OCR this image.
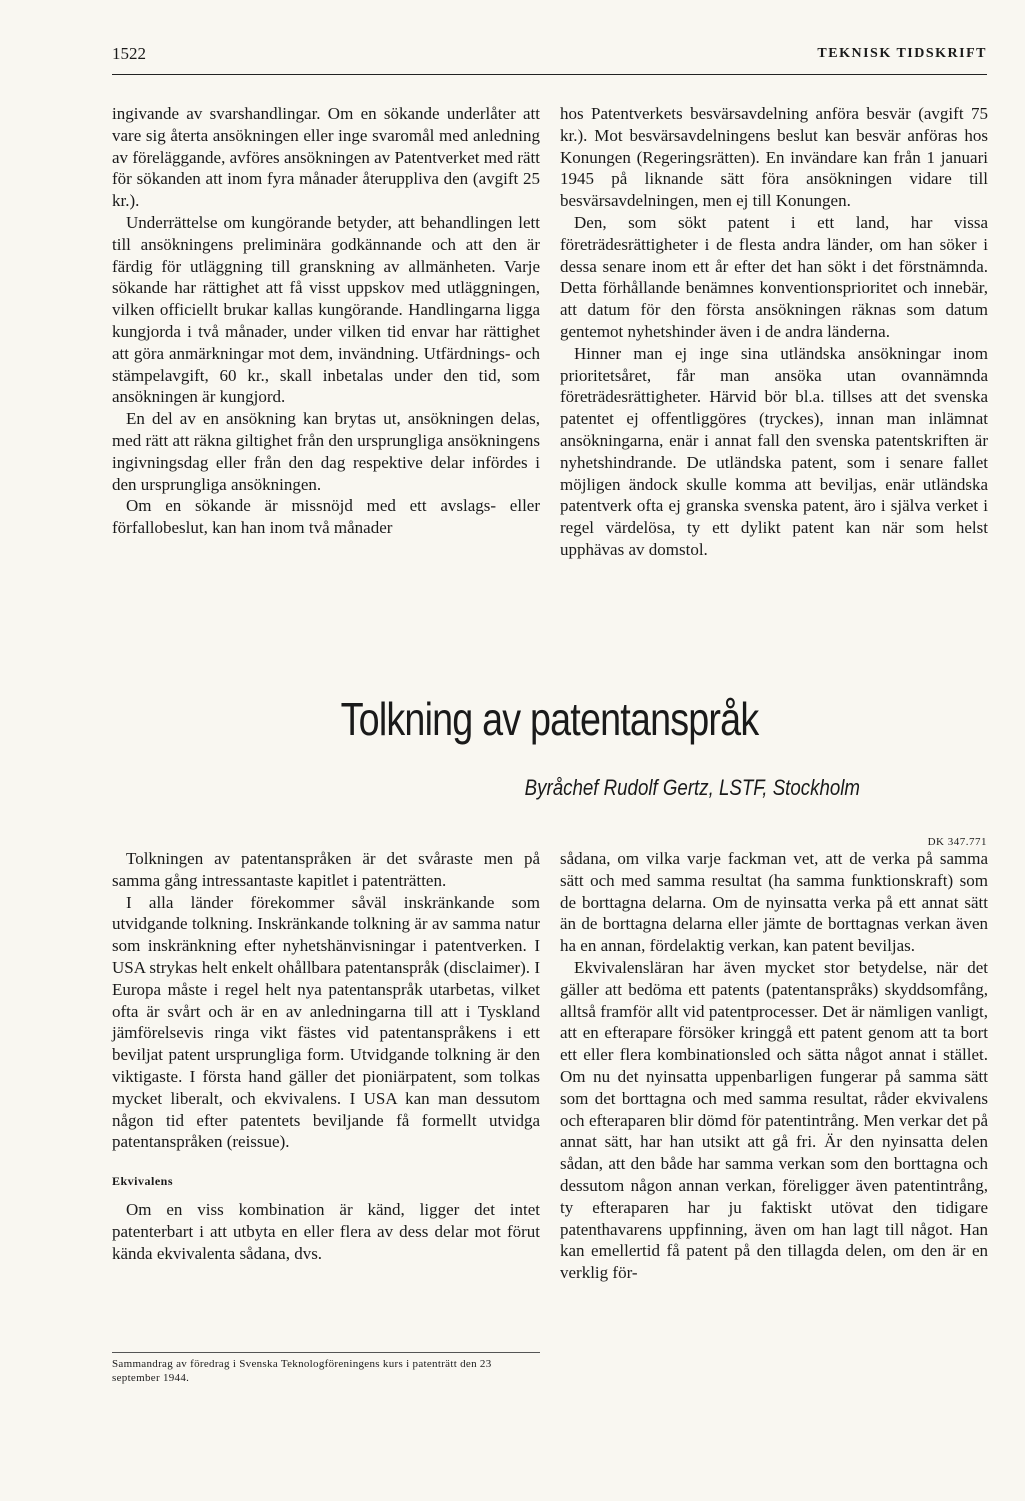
1522	TEKNISK TIDSKRIFT

ingivande av svarshandlingar. Om en sökande underlåter att vare sig återta ansökningen eller inge svaromål med anledning av föreläggande, avföres ansökningen av Patentverket med rätt för sökanden att inom fyra månader återuppliva den (avgift 25 kr.).

Underrättelse om kungörande betyder, att behandlingen lett till ansökningens preliminära godkännande och att den är färdig för utläggning till granskning av allmänheten. Varje sökande har rättighet att få visst uppskov med utläggningen, vilken officiellt brukar kallas kungörande. Handlingarna ligga kungjorda i två månader, under vilken tid envar har rättighet att göra anmärkningar mot dem, invändning. Utfärdnings- och stämpelavgift, 60 kr., skall inbetalas under den tid, som ansökningen är kungjord.

En del av en ansökning kan brytas ut, ansökningen delas, med rätt att räkna giltighet från den ursprungliga ansökningens ingivningsdag eller från den dag respektive delar infördes i den ursprungliga ansökningen.

Om en sökande är missnöjd med ett avslags- eller förfallobeslut, kan han inom två månader

hos Patentverkets besvärsavdelning anföra besvär (avgift 75 kr.). Mot besvärsavdelningens beslut kan besvär anföras hos Konungen (Regeringsrätten). En invändare kan från 1 januari 1945 på liknande sätt föra ansökningen vidare till besvärsavdelningen, men ej till Konungen.

Den, som sökt patent i ett land, har vissa företrädesrättigheter i de flesta andra länder, om han söker i dessa senare inom ett år efter det han sökt i det förstnämnda. Detta förhållande benämnes konventionsprioritet och innebär, att datum för den första ansökningen räknas som datum gentemot nyhetshinder även i de andra länderna.

Hinner man ej inge sina utländska ansökningar inom prioritetsåret, får man ansöka utan ovannämnda företrädesrättigheter. Härvid bör bl.a. tillses att det svenska patentet ej offentliggöres (tryckes), innan man inlämnat ansökningarna, enär i annat fall den svenska patentskriften är nyhetshindrande. De utländska patent, som i senare fallet möjligen ändock skulle komma att beviljas, enär utländska patentverk ofta ej granska svenska patent, äro i själva verket i regel värdelösa, ty ett dylikt patent kan när som helst upphävas av domstol.

Tolkning av patentanspråk
Byråchef Rudolf Gertz, LSTF, Stockholm
DK 347.771

Tolkningen av patentanspråken är det svåraste men på samma gång intressantaste kapitlet i patenträtten.

I alla länder förekommer såväl inskränkande som utvidgande tolkning. Inskränkande tolkning är av samma natur som inskränkning efter nyhetshänvisningar i patentverken. I USA strykas helt enkelt ohållbara patentanspråk (disclaimer). I Europa måste i regel helt nya patentanspråk utarbetas, vilket ofta är svårt och är en av anledningarna till att i Tyskland jämförelsevis ringa vikt fästes vid patentanspråkens i ett beviljat patent ursprungliga form. Utvidgande tolkning är den viktigaste. I första hand gäller det pioniärpatent, som tolkas mycket liberalt, och ekvivalens. I USA kan man dessutom någon tid efter patentets beviljande få formellt utvidga patentanspråken (reissue).

Ekvivalens

Om en viss kombination är känd, ligger det intet patenterbart i att utbyta en eller flera av dess delar mot förut kända ekvivalenta sådana, dvs.

Sammandrag av föredrag i Svenska Teknologföreningens kurs i patenträtt den 23 september 1944.

sådana, om vilka varje fackman vet, att de verka på samma sätt och med samma resultat (ha samma funktionskraft) som de borttagna delarna. Om de nyinsatta verka på ett annat sätt än de borttagna delarna eller jämte de borttagnas verkan även ha en annan, fördelaktig verkan, kan patent beviljas.

Ekvivalensläran har även mycket stor betydelse, när det gäller att bedöma ett patents (patentanspråks) skyddsomfång, alltså framför allt vid patentprocesser. Det är nämligen vanligt, att en efterapare försöker kringgå ett patent genom att ta bort ett eller flera kombinationsled och sätta något annat i stället. Om nu det nyinsatta uppenbarligen fungerar på samma sätt som det borttagna och med samma resultat, råder ekvivalens och efteraparen blir dömd för patentintrång. Men verkar det på annat sätt, har han utsikt att gå fri. Är den nyinsatta delen sådan, att den både har samma verkan som den borttagna och dessutom någon annan verkan, föreligger även patentintrång, ty efteraparen har ju faktiskt utövat den tidigare patenthavarens uppfinning, även om han lagt till något. Han kan emellertid få patent på den tillagda delen, om den är en verklig för-
